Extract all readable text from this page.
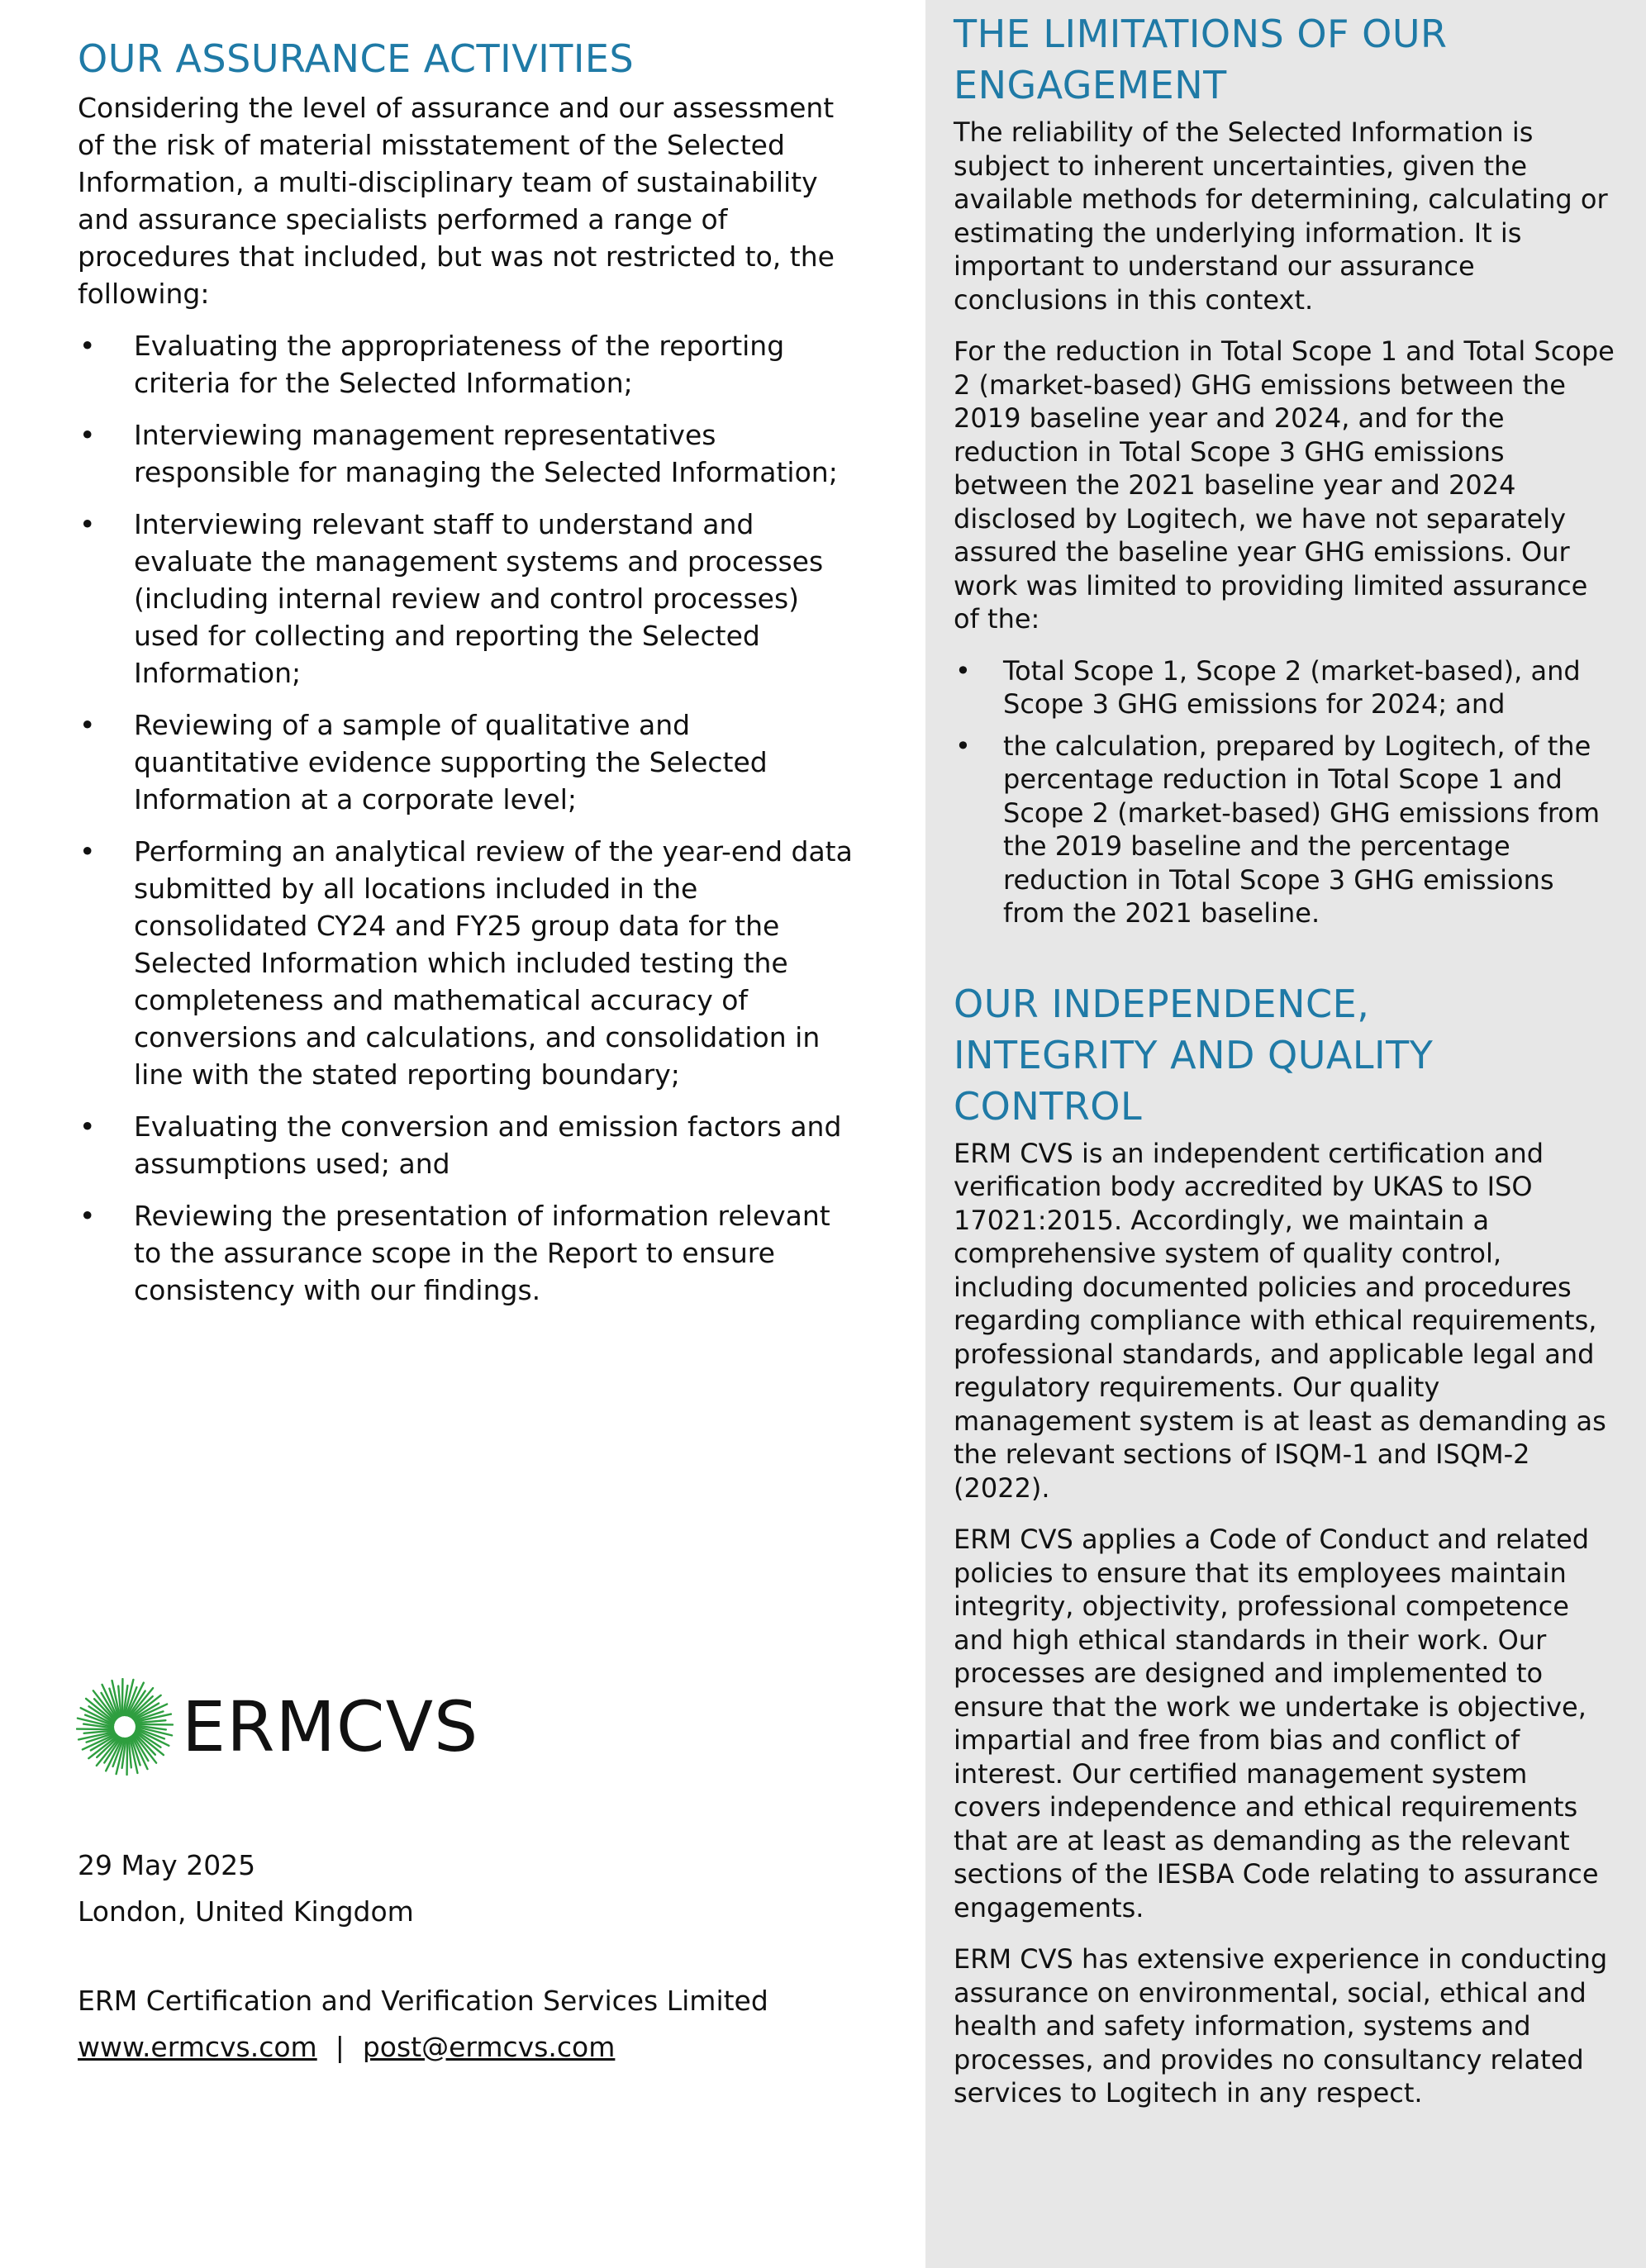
OUR ASSURANCE ACTIVITIES

Considering the level of assurance and our assessment of the risk of material misstatement of the Selected Information, a multi-disciplinary team of sustainability and assurance specialists performed a range of procedures that included, but was not restricted to, the following:

•	Evaluating the appropriateness of the reporting criteria for the Selected Information;
•	Interviewing management representatives responsible for managing the Selected Information;
•	Interviewing relevant staff to understand and evaluate the management systems and processes (including internal review and control processes) used for collecting and reporting the Selected Information;
•	Reviewing of a sample of qualitative and quantitative evidence supporting the Selected Information at a corporate level;
•	Performing an analytical review of the year-end data submitted by all locations included in the consolidated CY24 and FY25 group data for the Selected Information which included testing the completeness and mathematical accuracy of conversions and calculations, and consolidation in line with the stated reporting boundary;
•	Evaluating the conversion and emission factors and assumptions used; and
•	Reviewing the presentation of information relevant to the assurance scope in the Report to ensure consistency with our findings.
ERMCVS
29 May 2025
London, United Kingdom
ERM Certification and Verification Services Limited
www.ermcvs.com | post@ermcvs.com
THE LIMITATIONS OF OUR ENGAGEMENT

The reliability of the Selected Information is subject to inherent uncertainties, given the available methods for determining, calculating or estimating the underlying information. It is important to understand our assurance conclusions in this context.

For the reduction in Total Scope 1 and Total Scope 2 (market-based) GHG emissions between the 2019 baseline year and 2024, and for the reduction in Total Scope 3 GHG emissions between the 2021 baseline year and 2024 disclosed by Logitech, we have not separately assured the baseline year GHG emissions. Our work was limited to providing limited assurance of the:

•	Total Scope 1, Scope 2 (market-based), and Scope 3 GHG emissions for 2024; and
•	the calculation, prepared by Logitech, of the percentage reduction in Total Scope 1 and Scope 2 (market-based) GHG emissions from the 2019 baseline and the percentage reduction in Total Scope 3 GHG emissions from the 2021 baseline.
OUR INDEPENDENCE, INTEGRITY AND QUALITY CONTROL

ERM CVS is an independent certification and verification body accredited by UKAS to ISO 17021:2015. Accordingly, we maintain a comprehensive system of quality control, including documented policies and procedures regarding compliance with ethical requirements, professional standards, and applicable legal and regulatory requirements. Our quality management system is at least as demanding as the relevant sections of ISQM-1 and ISQM-2 (2022).

ERM CVS applies a Code of Conduct and related policies to ensure that its employees maintain integrity, objectivity, professional competence and high ethical standards in their work. Our processes are designed and implemented to ensure that the work we undertake is objective, impartial and free from bias and conflict of interest. Our certified management system covers independence and ethical requirements that are at least as demanding as the relevant sections of the IESBA Code relating to assurance engagements.

ERM CVS has extensive experience in conducting assurance on environmental, social, ethical and health and safety information, systems and processes, and provides no consultancy related services to Logitech in any respect.
